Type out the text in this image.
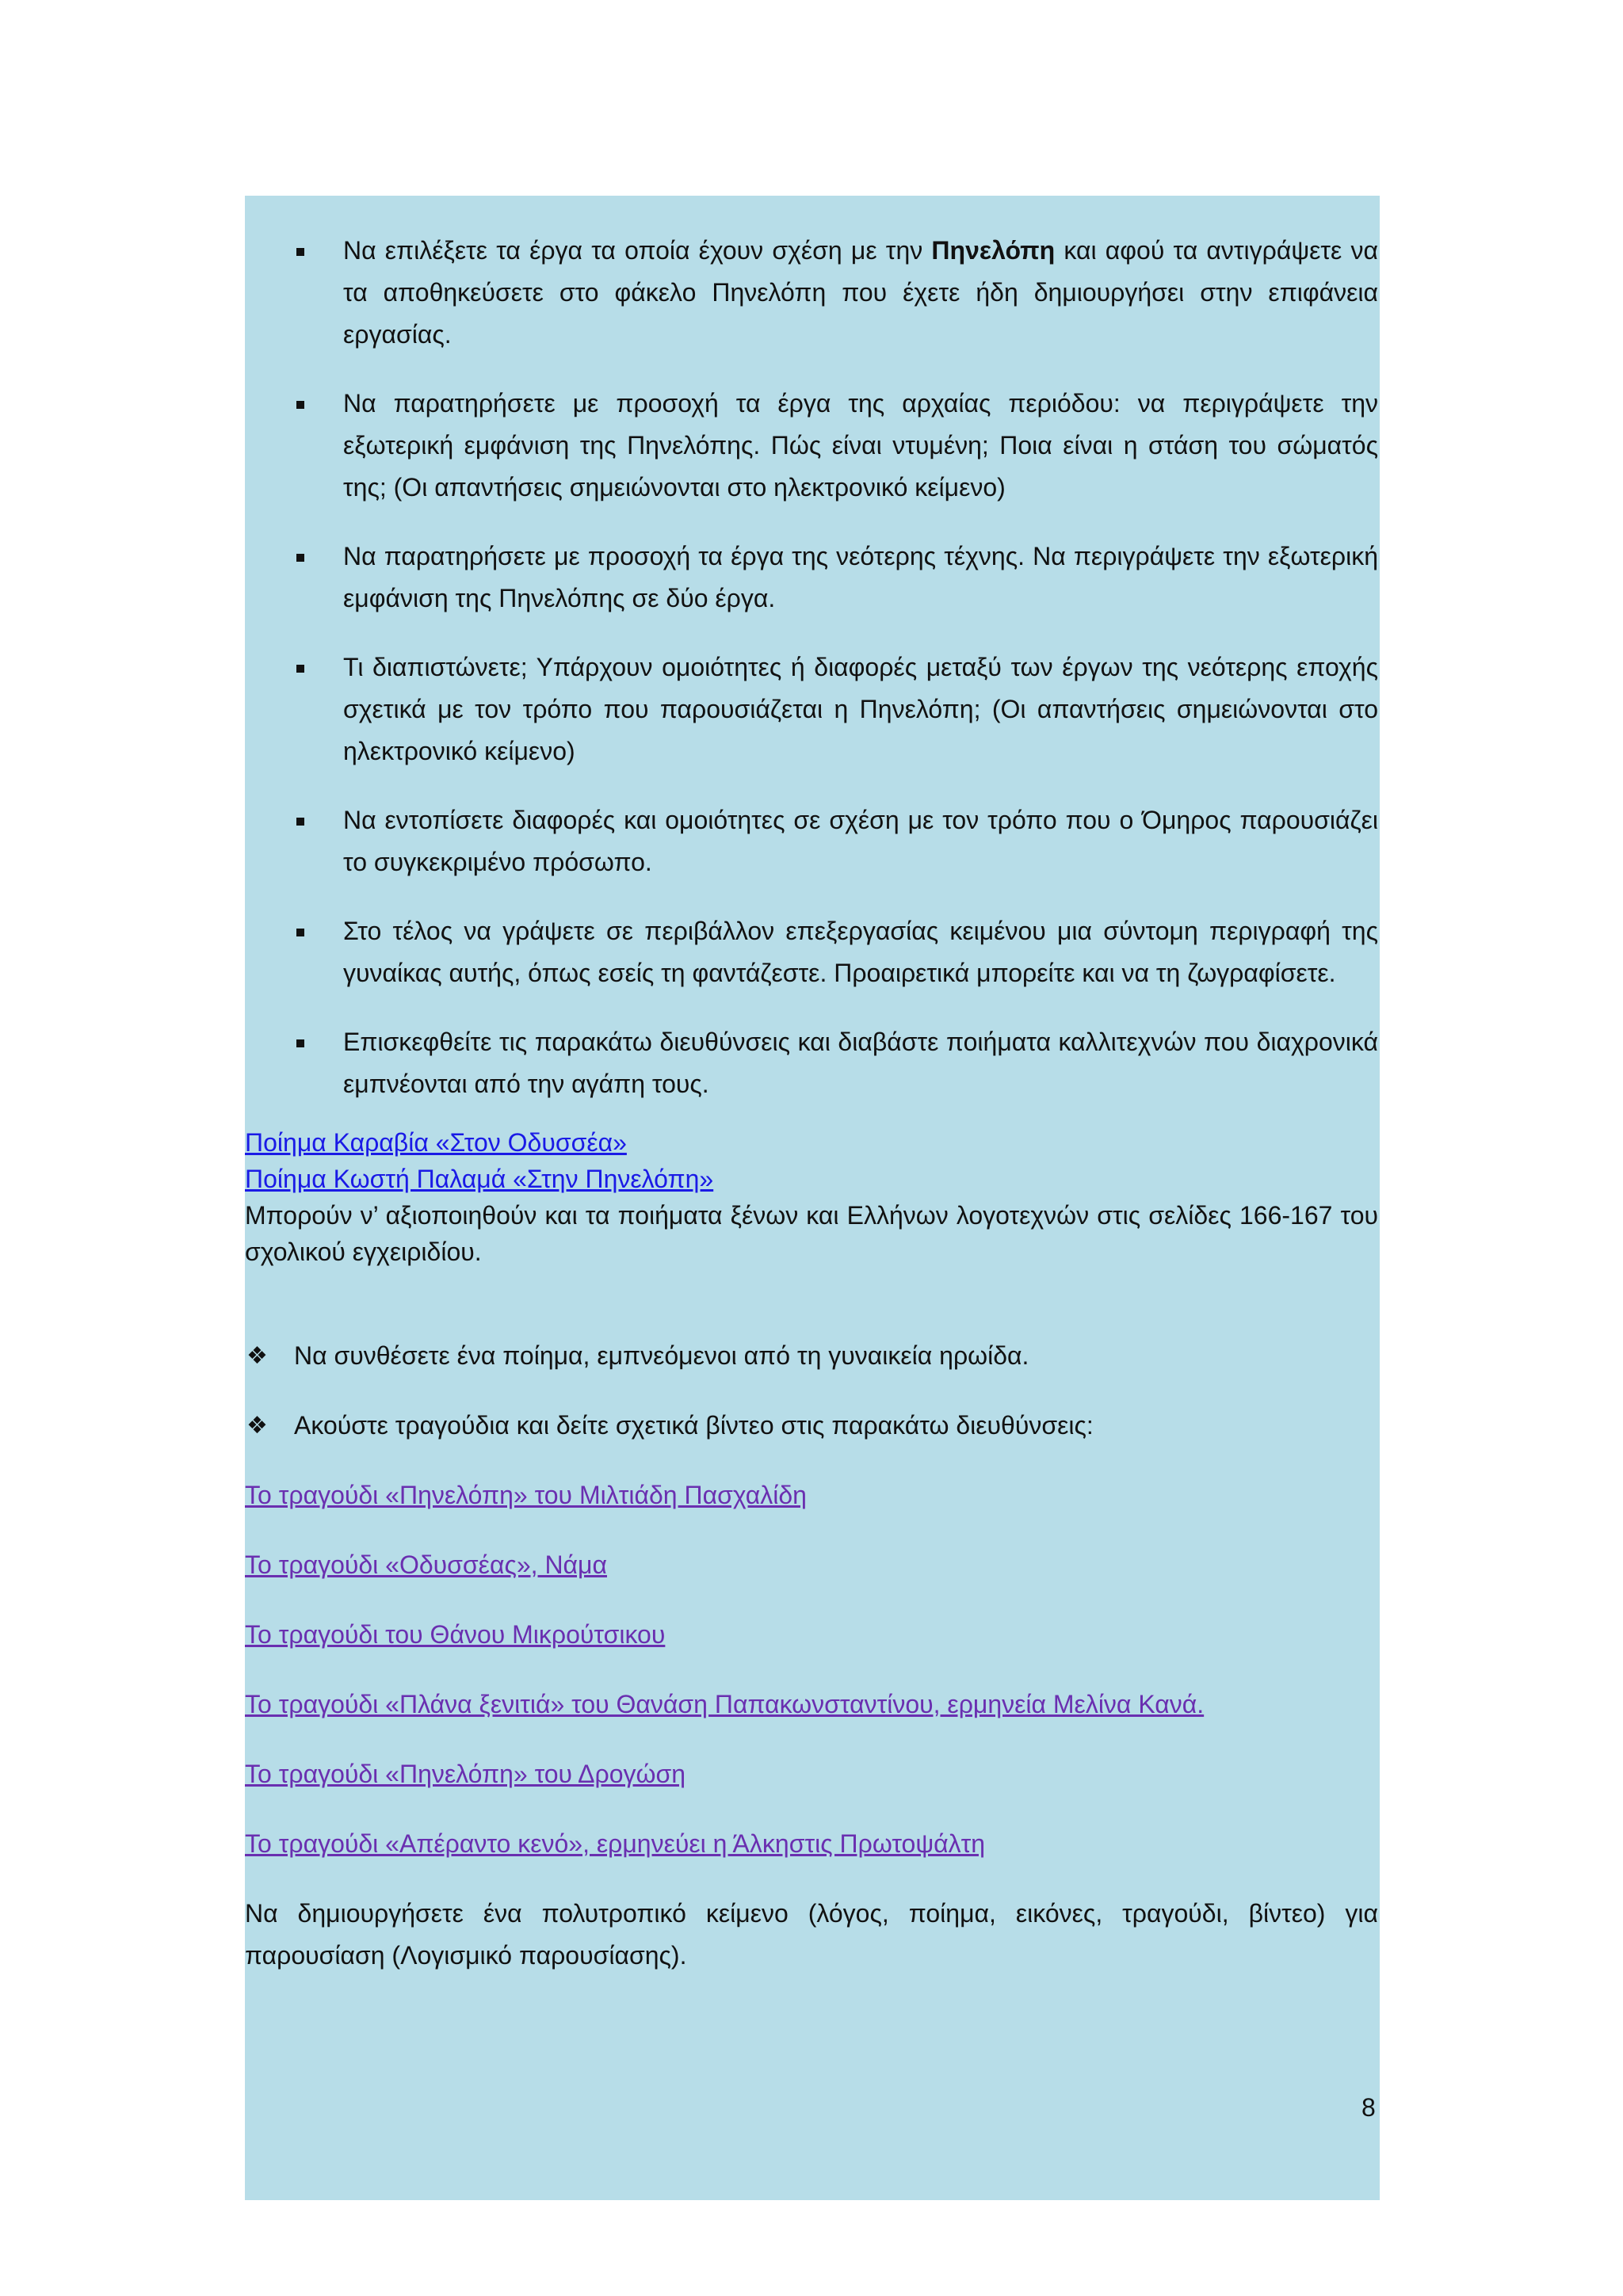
Να επιλέξετε τα έργα τα οποία έχουν σχέση με την Πηνελόπη και αφού τα αντιγράψετε να τα αποθηκεύσετε στο φάκελο Πηνελόπη που έχετε ήδη δημιουργήσει στην επιφάνεια εργασίας.
Να παρατηρήσετε με προσοχή τα έργα της αρχαίας περιόδου: να περιγράψετε την εξωτερική εμφάνιση της Πηνελόπης. Πώς είναι ντυμένη; Ποια είναι η στάση του σώματός της; (Οι απαντήσεις σημειώνονται στο ηλεκτρονικό κείμενο)
Να παρατηρήσετε με προσοχή τα έργα της νεότερης τέχνης. Να περιγράψετε την εξωτερική εμφάνιση της Πηνελόπης σε δύο έργα.
Τι διαπιστώνετε; Υπάρχουν ομοιότητες ή διαφορές μεταξύ των έργων της νεότερης εποχής σχετικά με τον τρόπο που παρουσιάζεται η Πηνελόπη; (Οι απαντήσεις σημειώνονται στο ηλεκτρονικό κείμενο)
Να εντοπίσετε διαφορές και ομοιότητες σε σχέση με τον τρόπο που ο Όμηρος παρουσιάζει το συγκεκριμένο πρόσωπο.
Στο τέλος να γράψετε σε περιβάλλον επεξεργασίας κειμένου μια σύντομη περιγραφή της γυναίκας αυτής, όπως εσείς τη φαντάζεστε. Προαιρετικά μπορείτε και να τη ζωγραφίσετε.
Επισκεφθείτε τις παρακάτω διευθύνσεις και διαβάστε ποιήματα καλλιτεχνών που διαχρονικά εμπνέονται από την αγάπη τους.
Ποίημα Καραβία «Στον Οδυσσέα»
Ποίημα Κωστή Παλαμά «Στην Πηνελόπη»

Μπορούν ν’ αξιοποιηθούν και τα ποιήματα ξένων και Ελλήνων λογοτεχνών στις σελίδες 166-167 του σχολικού εγχειριδίου.

❖ Να συνθέσετε ένα ποίημα, εμπνεόμενοι από τη γυναικεία ηρωίδα.
❖ Ακούστε τραγούδια και δείτε σχετικά βίντεο στις παρακάτω διευθύνσεις:
Το τραγούδι «Πηνελόπη» του Μιλτιάδη Πασχαλίδη
Το τραγούδι «Οδυσσέας», Νάμα
Το τραγούδι του Θάνου Μικρούτσικου
Το τραγούδι «Πλάνα ξενιτιά» του Θανάση Παπακωνσταντίνου, ερμηνεία Μελίνα Κανά.
Το τραγούδι «Πηνελόπη» του Δρογώση
Το τραγούδι «Απέραντο κενό», ερμηνεύει η Άλκηστις Πρωτοψάλτη

Να δημιουργήσετε ένα πολυτροπικό κείμενο (λόγος, ποίημα, εικόνες, τραγούδι, βίντεο) για παρουσίαση (Λογισμικό παρουσίασης).

8
